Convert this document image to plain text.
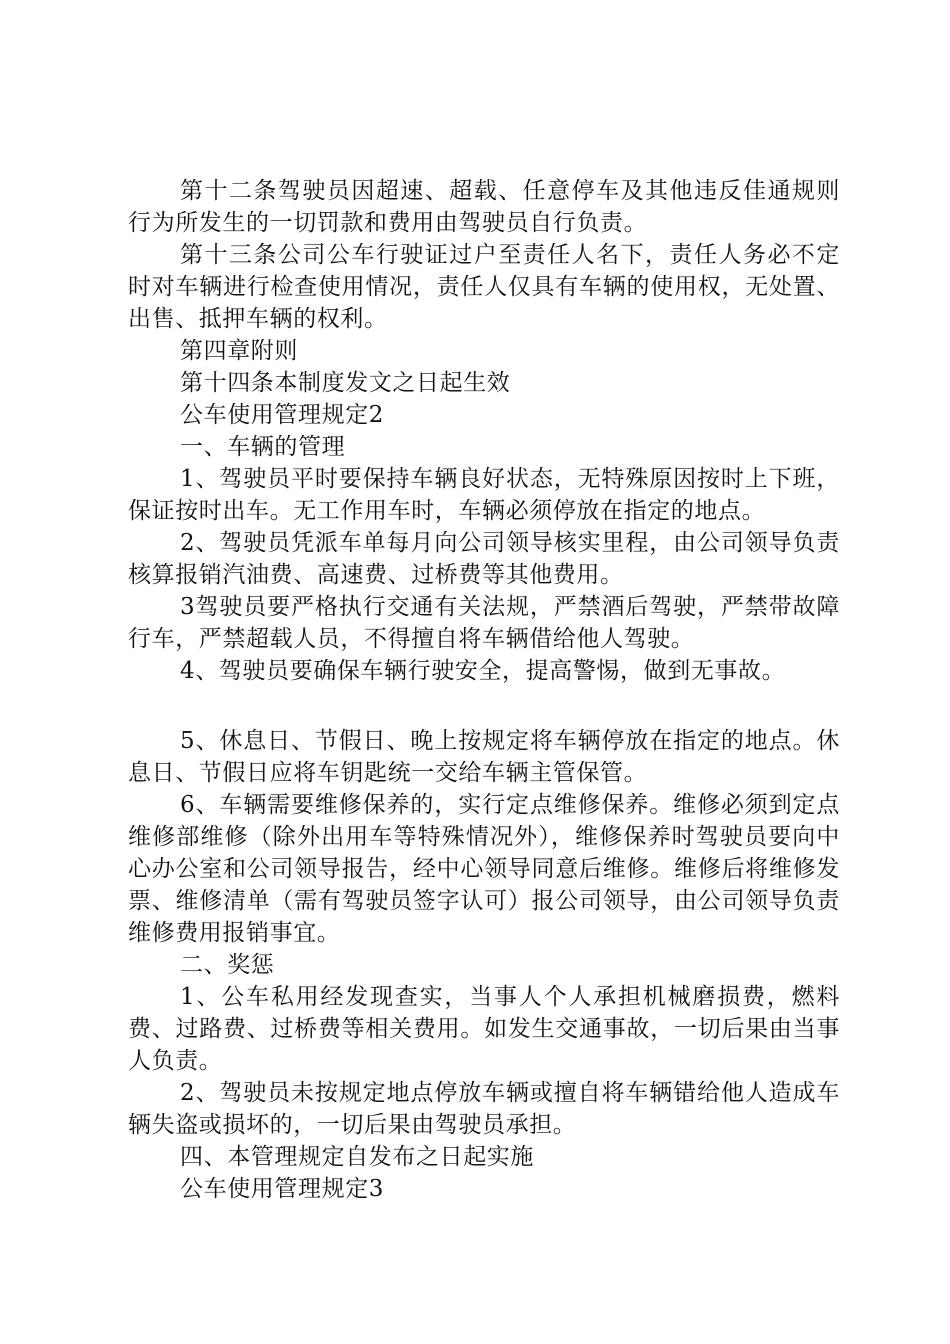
第十二条驾驶员因超速、超载、任意停车及其他违反佳通规则行为所发生的一切罚款和费用由驾驶员自行负责。

第十三条公司公车行驶证过户至责任人名下，责任人务必不定时对车辆进行检查使用情况，责任人仅具有车辆的使用权，无处置、出售、抵押车辆的权利。

第四章附则

第十四条本制度发文之日起生效

公车使用管理规定2

一、车辆的管理

1、驾驶员平时要保持车辆良好状态，无特殊原因按时上下班，保证按时出车。无工作用车时，车辆必须停放在指定的地点。

2、驾驶员凭派车单每月向公司领导核实里程，由公司领导负责核算报销汽油费、高速费、过桥费等其他费用。

3驾驶员要严格执行交通有关法规，严禁酒后驾驶，严禁带故障行车，严禁超载人员，不得擅自将车辆借给他人驾驶。

4、驾驶员要确保车辆行驶安全，提高警惕，做到无事故。

5、休息日、节假日、晚上按规定将车辆停放在指定的地点。休息日、节假日应将车钥匙统一交给车辆主管保管。

6、车辆需要维修保养的，实行定点维修保养。维修必须到定点维修部维修（除外出用车等特殊情况外），维修保养时驾驶员要向中心办公室和公司领导报告，经中心领导同意后维修。维修后将维修发票、维修清单（需有驾驶员签字认可）报公司领导，由公司领导负责维修费用报销事宜。

二、奖惩

1、公车私用经发现查实，当事人个人承担机械磨损费，燃料费、过路费、过桥费等相关费用。如发生交通事故，一切后果由当事人负责。

2、驾驶员未按规定地点停放车辆或擅自将车辆错给他人造成车辆失盗或损坏的，一切后果由驾驶员承担。

四、本管理规定自发布之日起实施

公车使用管理规定3
